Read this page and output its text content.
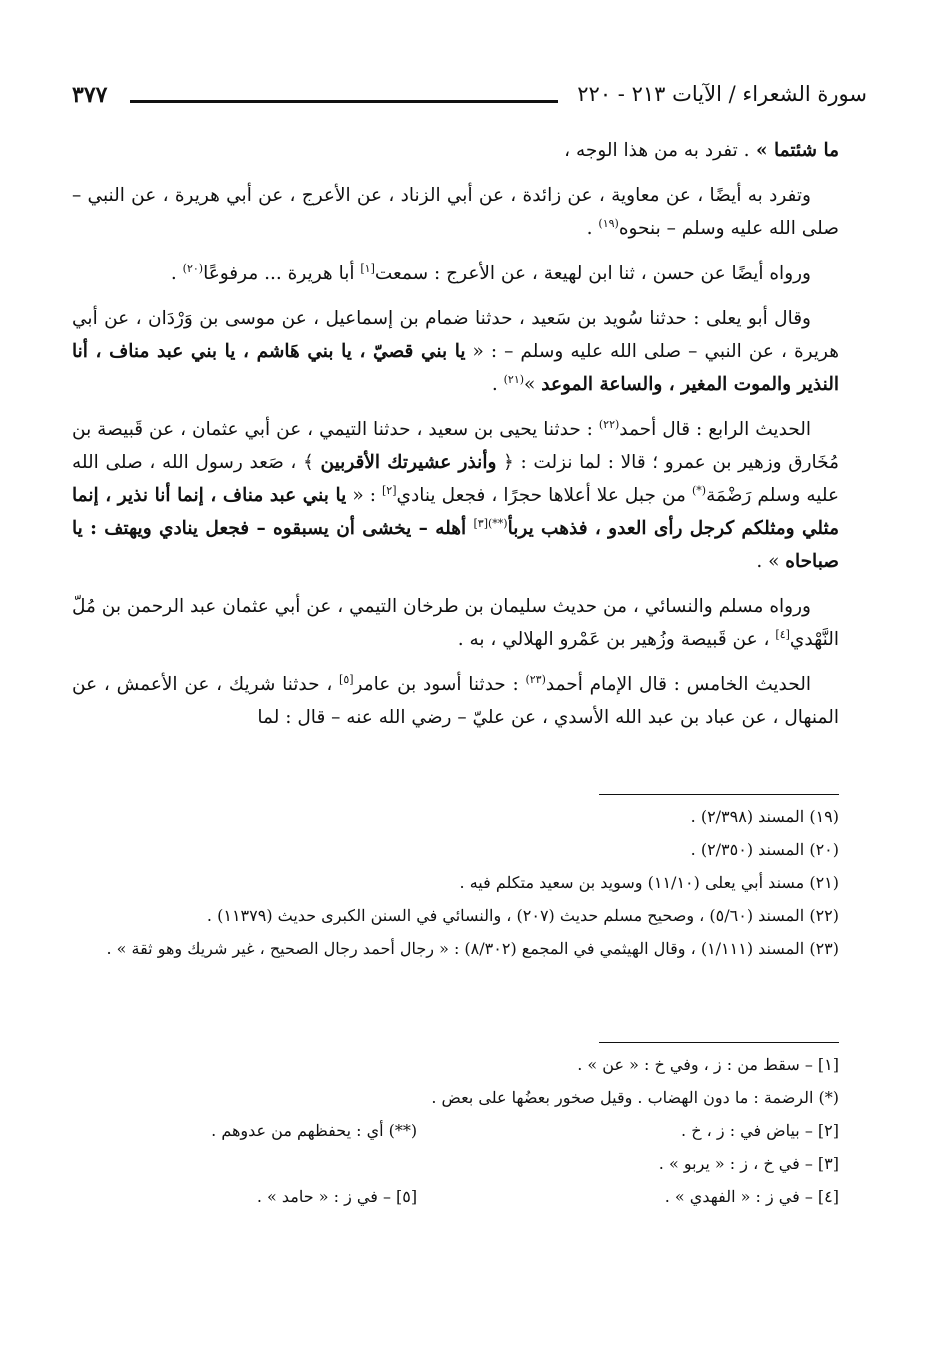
سورة الشعراء / الآيات ٢١٣ - ٢٢٠
٣٧٧

ما شئتما » . تفرد به من هذا الوجه ،

وتفرد به أيضًا ، عن معاوية ، عن زائدة ، عن أبي الزناد ، عن الأعرج ، عن أبي هريرة ، عن النبي – صلى الله عليه وسلم – بنحوه$^{(١٩)}$ .

ورواه أيضًا عن حسن ، ثنا ابن لهيعة ، عن الأعرج : سمعت[١] أبا هريرة ... مرفوعًا$^{(٢٠)}$ .

وقال أبو يعلى : حدثنا سُويد بن سَعيد ، حدثنا ضمام بن إسماعيل ، عن موسى بن وَرْدَان ، عن أبي هريرة ، عن النبي – صلى الله عليه وسلم – : « يا بني قصيّ ، يا بني هَاشم ، يا بني عبد مناف ، أنا النذير والموت المغير ، والساعة الموعد »$^{(٢١)}$ .

الحديث الرابع : قال أحمد$^{(٢٢)}$ : حدثنا يحيى بن سعيد ، حدثنا التيمي ، عن أبي عثمان ، عن قَبيصة بن مُخَارق وزهير بن عمرو ؛ قالا : لما نزلت : ﴿ وأنذر عشيرتك الأقربين ﴾ ، صَعد رسول الله ، صلى الله عليه وسلم رَضْمَة(*) من جبل علا أعلاها حجرًا ، فجعل ينادي[٢] : « يا بني عبد مناف ، إنما أنا نذير ، إنما مثلي ومثلكم كرجل رأى العدو ، فذهب يربأ$^{(**)[٣]}$ أهله – يخشى أن يسبقوه – فجعل ينادي ويهتف : يا صباحاه » .

ورواه مسلم والنسائي ، من حديث سليمان بن طرخان التيمي ، عن أبي عثمان عبد الرحمن بن مُلّ النَّهْدي[٤] ، عن قَبيصة وزُهير بن عَمْرو الهلالي ، به .

الحديث الخامس : قال الإمام أحمد$^{(٢٣)}$ : حدثنا أسود بن عامر[٥] ، حدثنا شريك ، عن الأعمش ، عن المنهال ، عن عباد بن عبد الله الأسدي ، عن عليّ – رضي الله عنه – قال : لما

(١٩) المسند (٢/٣٩٨) .
(٢٠) المسند (٢/٣٥٠) .
(٢١) مسند أبي يعلى (١١/١٠) وسويد بن سعيد متكلم فيه .
(٢٢) المسند (٥/٦٠) ، وصحيح مسلم حديث (٢٠٧) ، والنسائي في السنن الكبرى حديث (١١٣٧٩) .
(٢٣) المسند (١/١١١) ، وقال الهيثمي في المجمع (٨/٣٠٢) : « رجال أحمد رجال الصحيح ، غير شريك وهو ثقة » .
[١] – سقط من : ز ، وفي خ : « عن » .
(*) الرضمة : ما دون الهضاب . وقيل صخور بعضُها على بعض .
[٢] – بياض في : ز ، خ .
(**) أي : يحفظهم من عدوهم .
[٣] – في خ ، ز : « يربو » .
[٤] – في ز : « الفهدي » .
[٥] – في ز : « حامد » .
